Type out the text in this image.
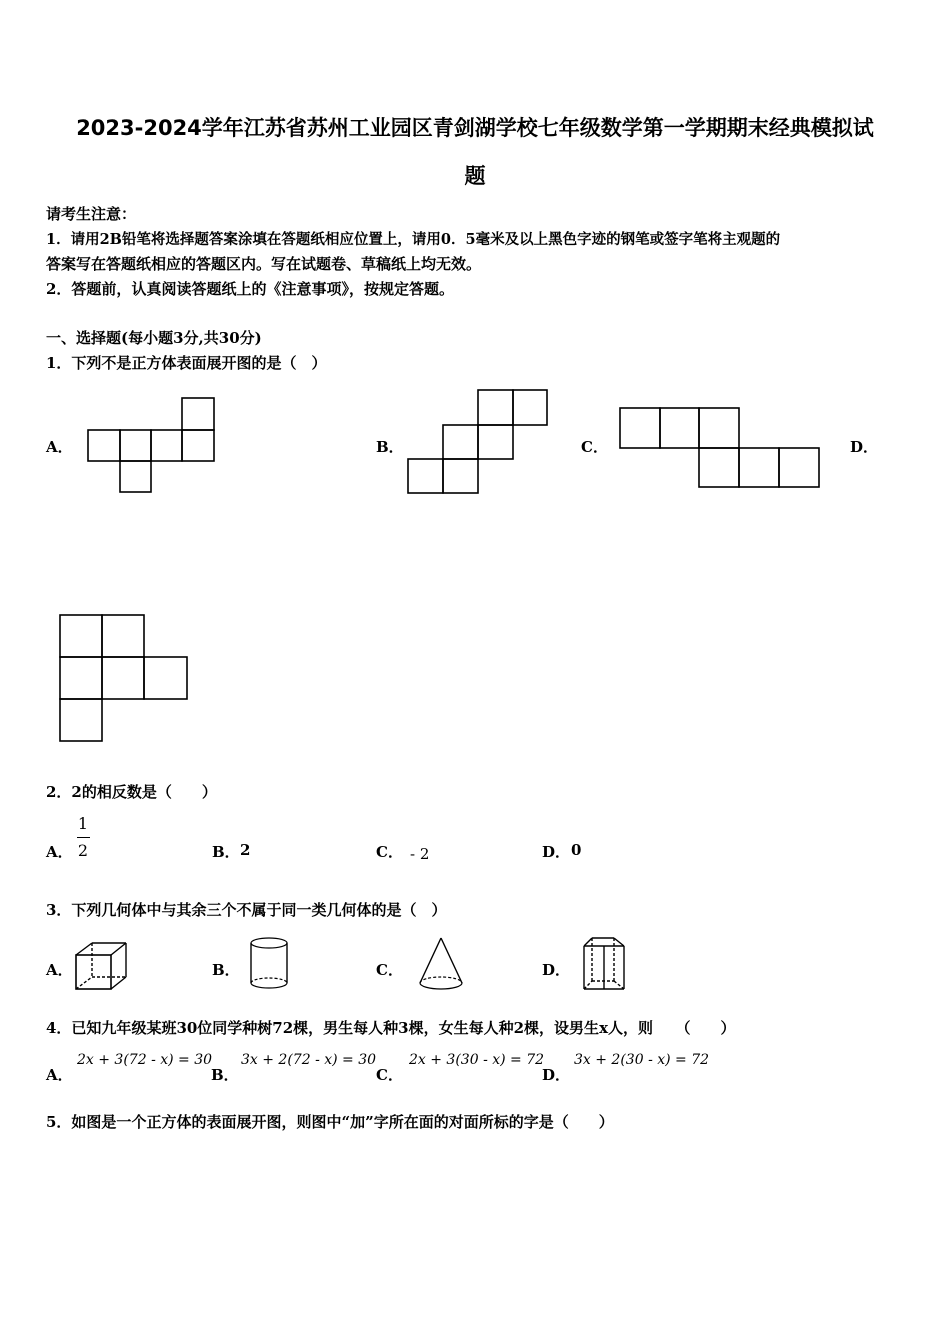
2023-2024学年江苏省苏州工业园区青剑湖学校七年级数学第一学期期末经典模拟试
题
请考生注意：
1．请用2B铅笔将选择题答案涂填在答题纸相应位置上，请用0．5毫米及以上黑色字迹的钢笔或签字笔将主观题的
答案写在答题纸相应的答题区内。写在试题卷、草稿纸上均无效。
2．答题前，认真阅读答题纸上的《注意事项》，按规定答题。
一、选择题(每小题3分,共30分)
1．下列不是正方体表面展开图的是（　）
A．	B．	C．	D．
2．2的相反数是（　　）
A．
1
2	B． 2	C． - 2	D． 0
3．下列几何体中与其余三个不属于同一类几何体的是（　）
A．	B．	C．	D．
4．已知九年级某班30位同学种树72棵，男生每人种3棵，女生每人种2棵，设男生x人，则　　（　　）
A．
2x + 3(72 - x) = 30
B．
3x + 2(72 - x) = 30
C．
2x + 3(30 - x) = 72
D．
3x + 2(30 - x) = 72
5．如图是一个正方体的表面展开图，则图中“加”字所在面的对面所标的字是（　　）
